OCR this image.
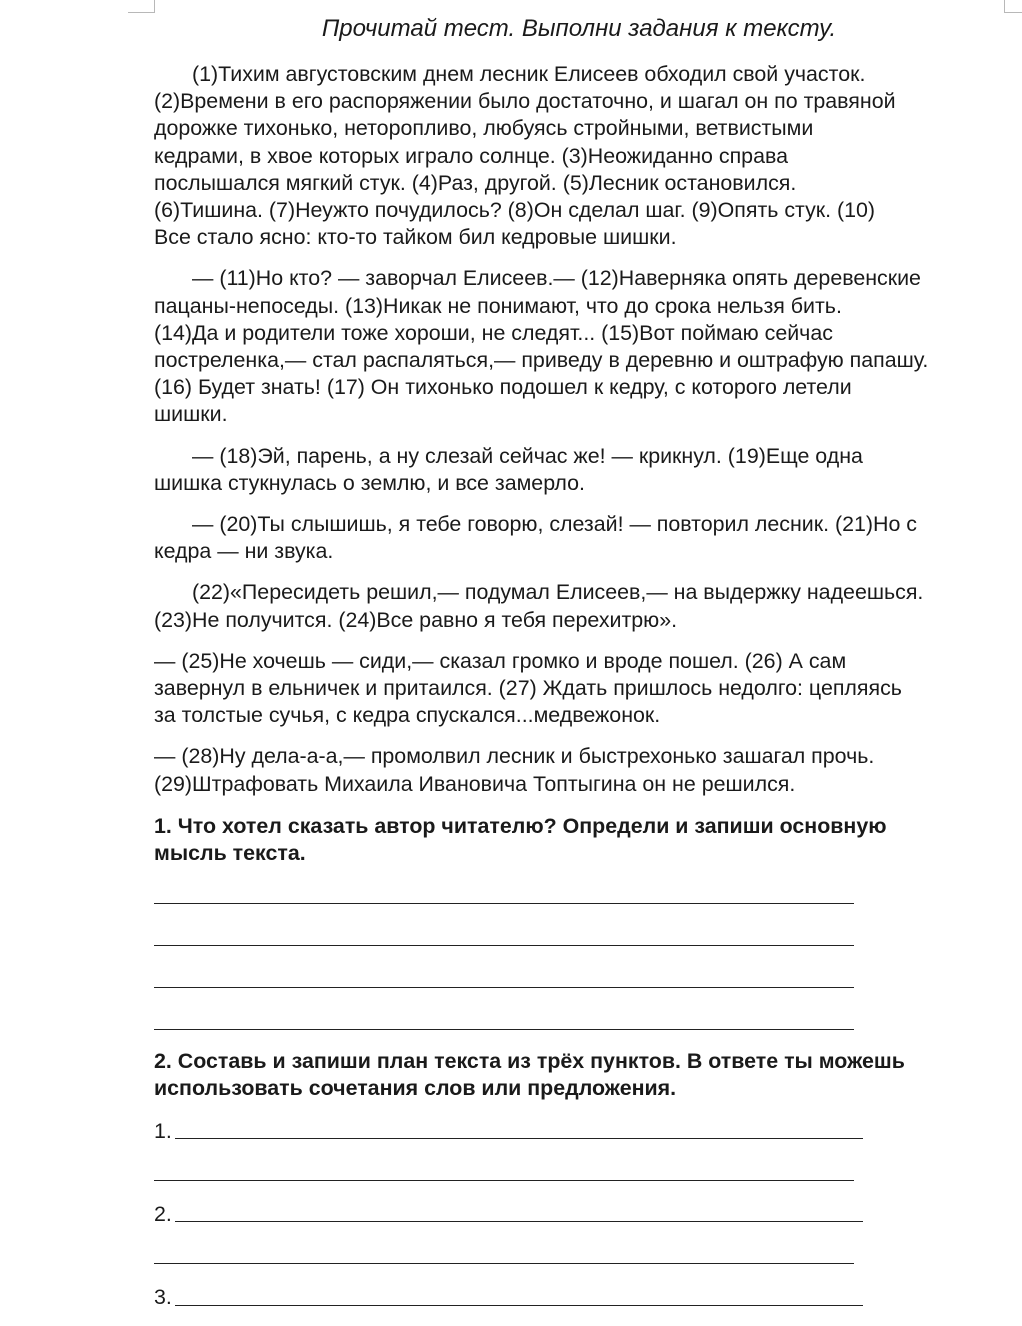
Прочитай тест. Выполни задания к тексту.
(1)Тихим августовским днем лесник Елисеев обходил свой участок.
(2)Времени в его распоряжении было достаточно, и шагал он по травяной
дорожке тихонько, неторопливо, любуясь стройными, ветвистыми
кедрами, в хвое которых играло солнце. (3)Неожиданно справа
послышался мягкий стук. (4)Раз, другой. (5)Лесник остановился.
(6)Тишина. (7)Неужто почудилось? (8)Он сделал шаг. (9)Опять стук. (10)
Все стало ясно: кто-то тайком бил кедровые шишки.
— (11)Но кто? — заворчал Елисеев.— (12)Наверняка опять деревенские
пацаны-непоседы. (13)Никак не понимают, что до срока нельзя бить.
(14)Да и родители тоже хороши, не следят... (15)Вот поймаю сейчас
постреленка,— стал распаляться,— приведу в деревню и оштрафую папашу.
(16) Будет знать! (17) Он тихонько подошел к кедру, с которого летели
шишки.
— (18)Эй, парень, а ну слезай сейчас же! — крикнул. (19)Еще одна
шишка стукнулась о землю, и все замерло.
— (20)Ты слышишь, я тебе говорю, слезай! — повторил лесник. (21)Но с
кедра — ни звука.
(22)«Пересидеть решил,— подумал Елисеев,— на выдержку надеешься.
(23)Не получится. (24)Все равно я тебя перехитрю».
— (25)Не хочешь — сиди,— сказал громко и вроде пошел. (26) А сам
завернул в ельничек и притаился. (27) Ждать пришлось недолго: цепляясь
за толстые сучья, с кедра спускался...медвежонок.
— (28)Ну дела-а-а,— промолвил лесник и быстрехонько зашагал прочь.
(29)Штрафовать Михаила Ивановича Топтыгина он не решился.
1. Что хотел сказать автор читателю? Определи и запиши основную
мысль текста.
2. Составь и запиши план текста из трёх пунктов. В ответе ты можешь
использовать сочетания слов или предложения.
1.
2.
3.
